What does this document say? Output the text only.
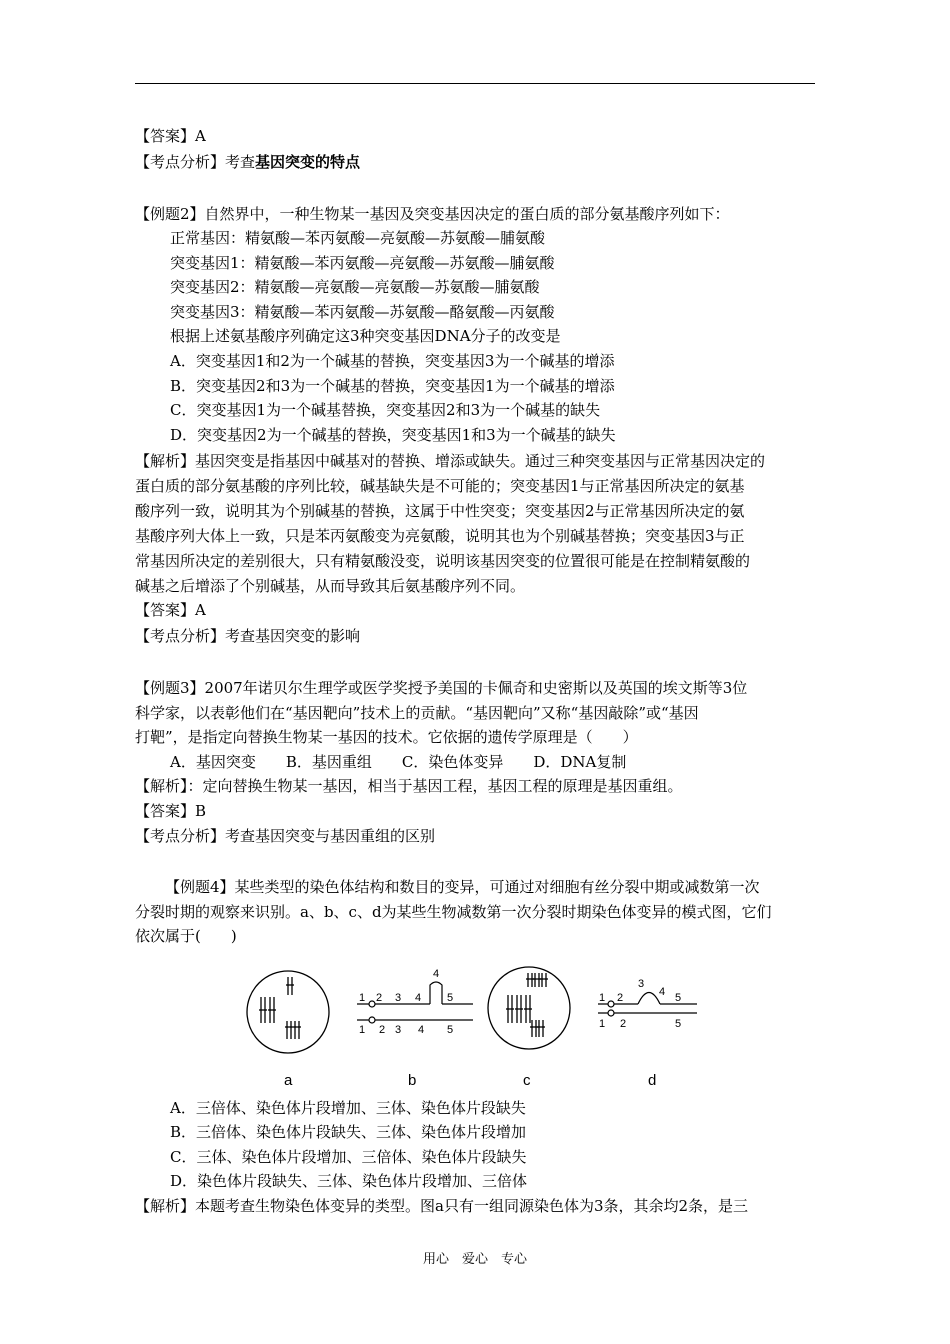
【答案】A
【考点分析】考查基因突变的特点
【例题2】自然界中，一种生物某一基因及突变基因决定的蛋白质的部分氨基酸序列如下：
正常基因：精氨酸—苯丙氨酸—亮氨酸—苏氨酸—脯氨酸
突变基因1：精氨酸—苯丙氨酸—亮氨酸—苏氨酸—脯氨酸
突变基因2：精氨酸—亮氨酸—亮氨酸—苏氨酸—脯氨酸
突变基因3：精氨酸—苯丙氨酸—苏氨酸—酪氨酸—丙氨酸
根据上述氨基酸序列确定这3种突变基因DNA分子的改变是
A．突变基因1和2为一个碱基的替换，突变基因3为一个碱基的增添
B．突变基因2和3为一个碱基的替换，突变基因1为一个碱基的增添
C．突变基因1为一个碱基替换，突变基因2和3为一个碱基的缺失
D．突变基因2为一个碱基的替换，突变基因1和3为一个碱基的缺失
【解析】基因突变是指基因中碱基对的替换、增添或缺失。通过三种突变基因与正常基因决定的
蛋白质的部分氨基酸的序列比较，碱基缺失是不可能的；突变基因1与正常基因所决定的氨基
酸序列一致，说明其为个别碱基的替换，这属于中性突变；突变基因2与正常基因所决定的氨
基酸序列大体上一致，只是苯丙氨酸变为亮氨酸，说明其也为个别碱基替换；突变基因3与正
常基因所决定的差别很大，只有精氨酸没变，说明该基因突变的位置很可能是在控制精氨酸的
碱基之后增添了个别碱基，从而导致其后氨基酸序列不同。
【答案】A
【考点分析】考查基因突变的影响
【例题3】2007年诺贝尔生理学或医学奖授予美国的卡佩奇和史密斯以及英国的埃文斯等3位
科学家，以表彰他们在“基因靶向”技术上的贡献。“基因靶向”又称“基因敲除”或“基因
打靶”，是指定向替换生物某一基因的技术。它依据的遗传学原理是（　　）
A．基因突变　　B．基因重组　　C．染色体变异　　D．DNA复制
【解析】：定向替换生物某一基因，相当于基因工程，基因工程的原理是基因重组。
【答案】B
【考点分析】考查基因突变与基因重组的区别
【例题4】某些类型的染色体结构和数目的变异，可通过对细胞有丝分裂中期或减数第一次
分裂时期的观察来识别。a、b、c、d为某些生物减数第一次分裂时期染色体变异的模式图，它们
依次属于(　　)
1 2 3 4
4
5
1 2 3 4 5
1 2
3
4 5
1 2	5
a	b	c	d
A．三倍体、染色体片段增加、三体、染色体片段缺失
B．三倍体、染色体片段缺失、三体、染色体片段增加
C．三体、染色体片段增加、三倍体、染色体片段缺失
D．染色体片段缺失、三体、染色体片段增加、三倍体
【解析】本题考查生物染色体变异的类型。图a只有一组同源染色体为3条，其余均2条，是三
用心　爱心　专心
